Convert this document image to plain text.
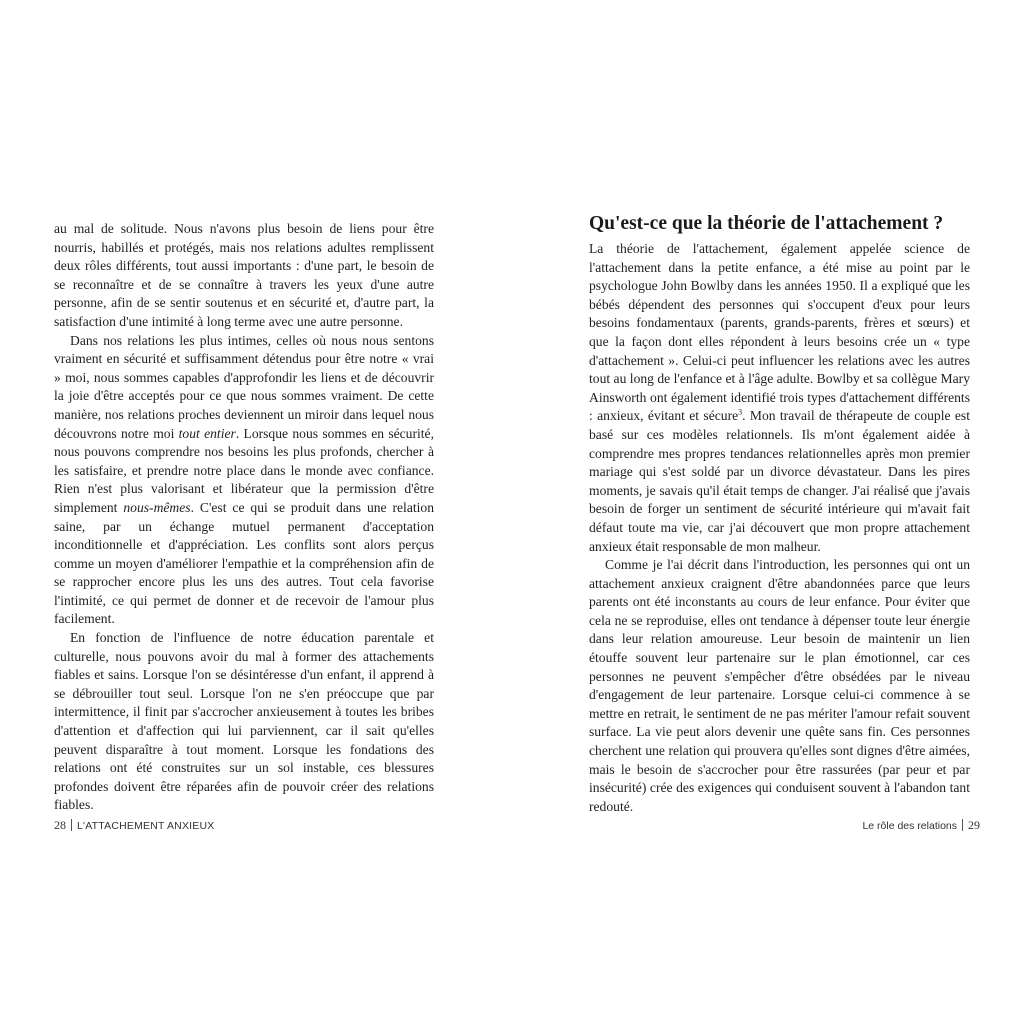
au mal de solitude. Nous n'avons plus besoin de liens pour être nourris, habillés et protégés, mais nos relations adultes remplissent deux rôles différents, tout aussi importants : d'une part, le besoin de se reconnaître et de se connaître à travers les yeux d'une autre personne, afin de se sentir soutenus et en sécurité et, d'autre part, la satisfaction d'une intimité à long terme avec une autre personne.

Dans nos relations les plus intimes, celles où nous nous sentons vraiment en sécurité et suffisamment détendus pour être notre « vrai » moi, nous sommes capables d'approfondir les liens et de découvrir la joie d'être acceptés pour ce que nous sommes vraiment. De cette manière, nos relations proches deviennent un miroir dans lequel nous découvrons notre moi tout entier. Lorsque nous sommes en sécurité, nous pouvons comprendre nos besoins les plus profonds, chercher à les satisfaire, et prendre notre place dans le monde avec confiance. Rien n'est plus valorisant et libérateur que la permission d'être simplement nous-mêmes. C'est ce qui se produit dans une relation saine, par un échange mutuel permanent d'acceptation inconditionnelle et d'appréciation. Les conflits sont alors perçus comme un moyen d'améliorer l'empathie et la compréhension afin de se rapprocher encore plus les uns des autres. Tout cela favorise l'intimité, ce qui permet de donner et de recevoir de l'amour plus facilement.

En fonction de l'influence de notre éducation parentale et culturelle, nous pouvons avoir du mal à former des attachements fiables et sains. Lorsque l'on se désintéresse d'un enfant, il apprend à se débrouiller tout seul. Lorsque l'on ne s'en préoccupe que par intermittence, il finit par s'accrocher anxieusement à toutes les bribes d'attention et d'affection qui lui parviennent, car il sait qu'elles peuvent disparaître à tout moment. Lorsque les fondations des relations ont été construites sur un sol instable, ces blessures profondes doivent être réparées afin de pouvoir créer des relations fiables.

28 L'ATTACHEMENT ANXIEUX
Qu'est-ce que la théorie de l'attachement ?

La théorie de l'attachement, également appelée science de l'attachement dans la petite enfance, a été mise au point par le psychologue John Bowlby dans les années 1950. Il a expliqué que les bébés dépendent des personnes qui s'occupent d'eux pour leurs besoins fondamentaux (parents, grands-parents, frères et sœurs) et que la façon dont elles répondent à leurs besoins crée un « type d'attachement ». Celui-ci peut influencer les relations avec les autres tout au long de l'enfance et à l'âge adulte. Bowlby et sa collègue Mary Ainsworth ont également identifié trois types d'attachement différents : anxieux, évitant et sécure$^3$. Mon travail de thérapeute de couple est basé sur ces modèles relationnels. Ils m'ont également aidée à comprendre mes propres tendances relationnelles après mon premier mariage qui s'est soldé par un divorce dévastateur. Dans les pires moments, je savais qu'il était temps de changer. J'ai réalisé que j'avais besoin de forger un sentiment de sécurité intérieure qui m'avait fait défaut toute ma vie, car j'ai découvert que mon propre attachement anxieux était responsable de mon malheur.

Comme je l'ai décrit dans l'introduction, les personnes qui ont un attachement anxieux craignent d'être abandonnées parce que leurs parents ont été inconstants au cours de leur enfance. Pour éviter que cela ne se reproduise, elles ont tendance à dépenser toute leur énergie dans leur relation amoureuse. Leur besoin de maintenir un lien étouffe souvent leur partenaire sur le plan émotionnel, car ces personnes ne peuvent s'empêcher d'être obsédées par le niveau d'engagement de leur partenaire. Lorsque celui-ci commence à se mettre en retrait, le sentiment de ne pas mériter l'amour refait souvent surface. La vie peut alors devenir une quête sans fin. Ces personnes cherchent une relation qui prouvera qu'elles sont dignes d'être aimées, mais le besoin de s'accrocher pour être rassurées (par peur et par insécurité) crée des exigences qui conduisent souvent à l'abandon tant redouté.

Le rôle des relations 29
